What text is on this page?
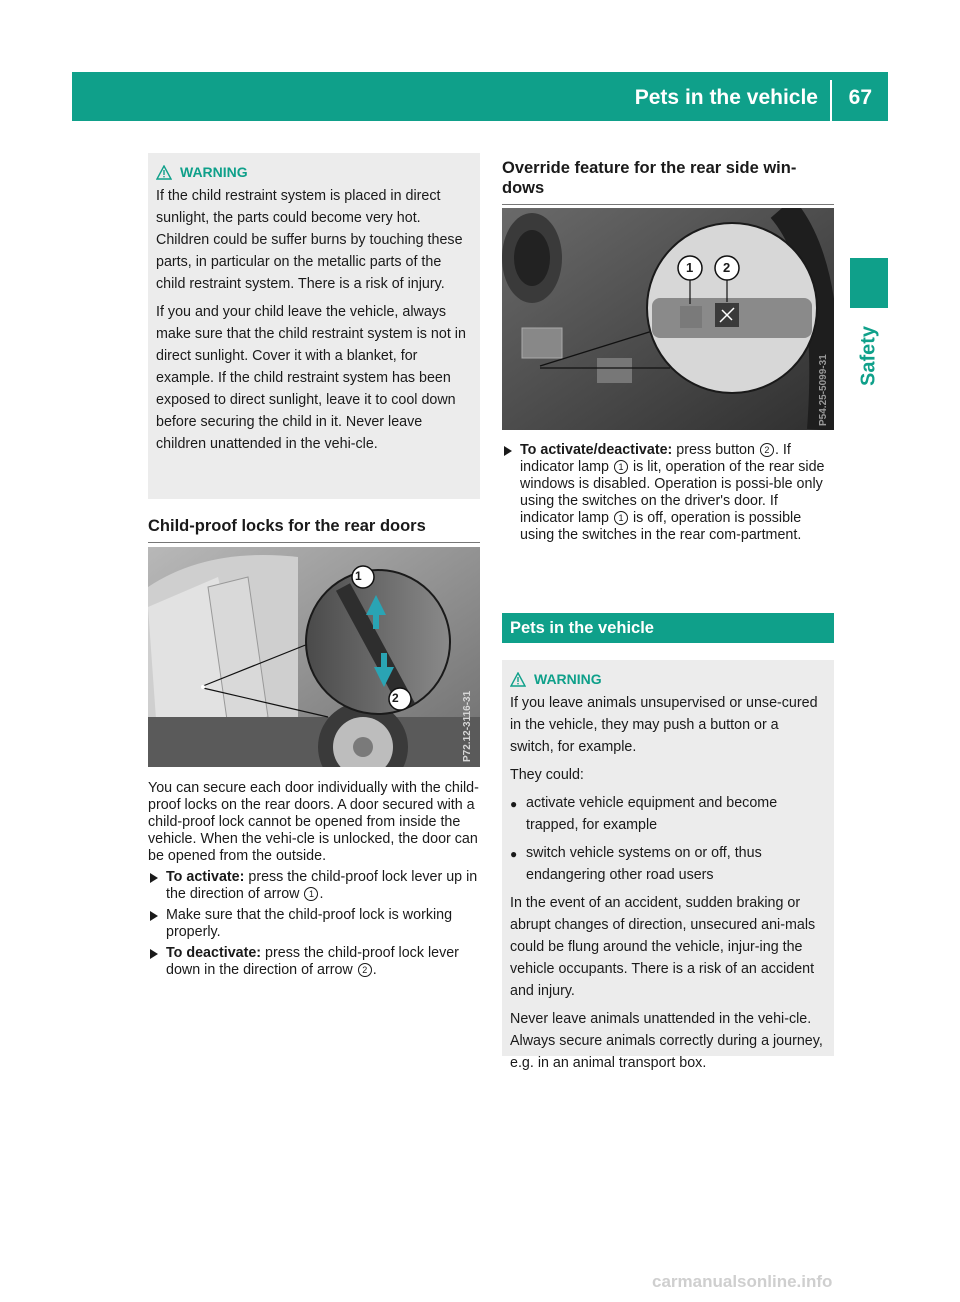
Pets in the vehicle 67
Safety
WARNING

If the child restraint system is placed in direct sunlight, the parts could become very hot. Children could be suffer burns by touching these parts, in particular on the metallic parts of the child restraint system. There is a risk of injury.

If you and your child leave the vehicle, always make sure that the child restraint system is not in direct sunlight. Cover it with a blanket, for example. If the child restraint system has been exposed to direct sunlight, leave it to cool down before securing the child in it. Never leave children unattended in the vehi-cle.

Child-proof locks for the rear doors
1
2	P72.12-3116-31

You can secure each door individually with the child-proof locks on the rear doors. A door secured with a child-proof lock cannot be opened from inside the vehicle. When the vehi-cle is unlocked, the door can be opened from the outside.

To activate: press the child-proof lock lever up in the direction of arrow 1 .
Make sure that the child-proof lock is working properly.
To deactivate: press the child-proof lock lever down in the direction of arrow 2 .
Override feature for the rear side win-dows
1 2
P54.25-5099-31
To activate/deactivate: press button 2 . If indicator lamp 1 is lit, operation of the rear side windows is disabled. Operation is possi-ble only using the switches on the driver's door. If indicator lamp 1 is off, operation is possible using the switches in the rear com-partment.
Pets in the vehicle
WARNING

If you leave animals unsupervised or unse-cured in the vehicle, they may push a button or a switch, for example.

They could:

● activate vehicle equipment and become trapped, for example
● switch vehicle systems on or off, thus endangering other road users

In the event of an accident, sudden braking or abrupt changes of direction, unsecured ani-mals could be flung around the vehicle, injur-ing the vehicle occupants. There is a risk of an accident and injury.

Never leave animals unattended in the vehi-cle. Always secure animals correctly during a journey, e.g. in an animal transport box.

carmanualsonline.info
